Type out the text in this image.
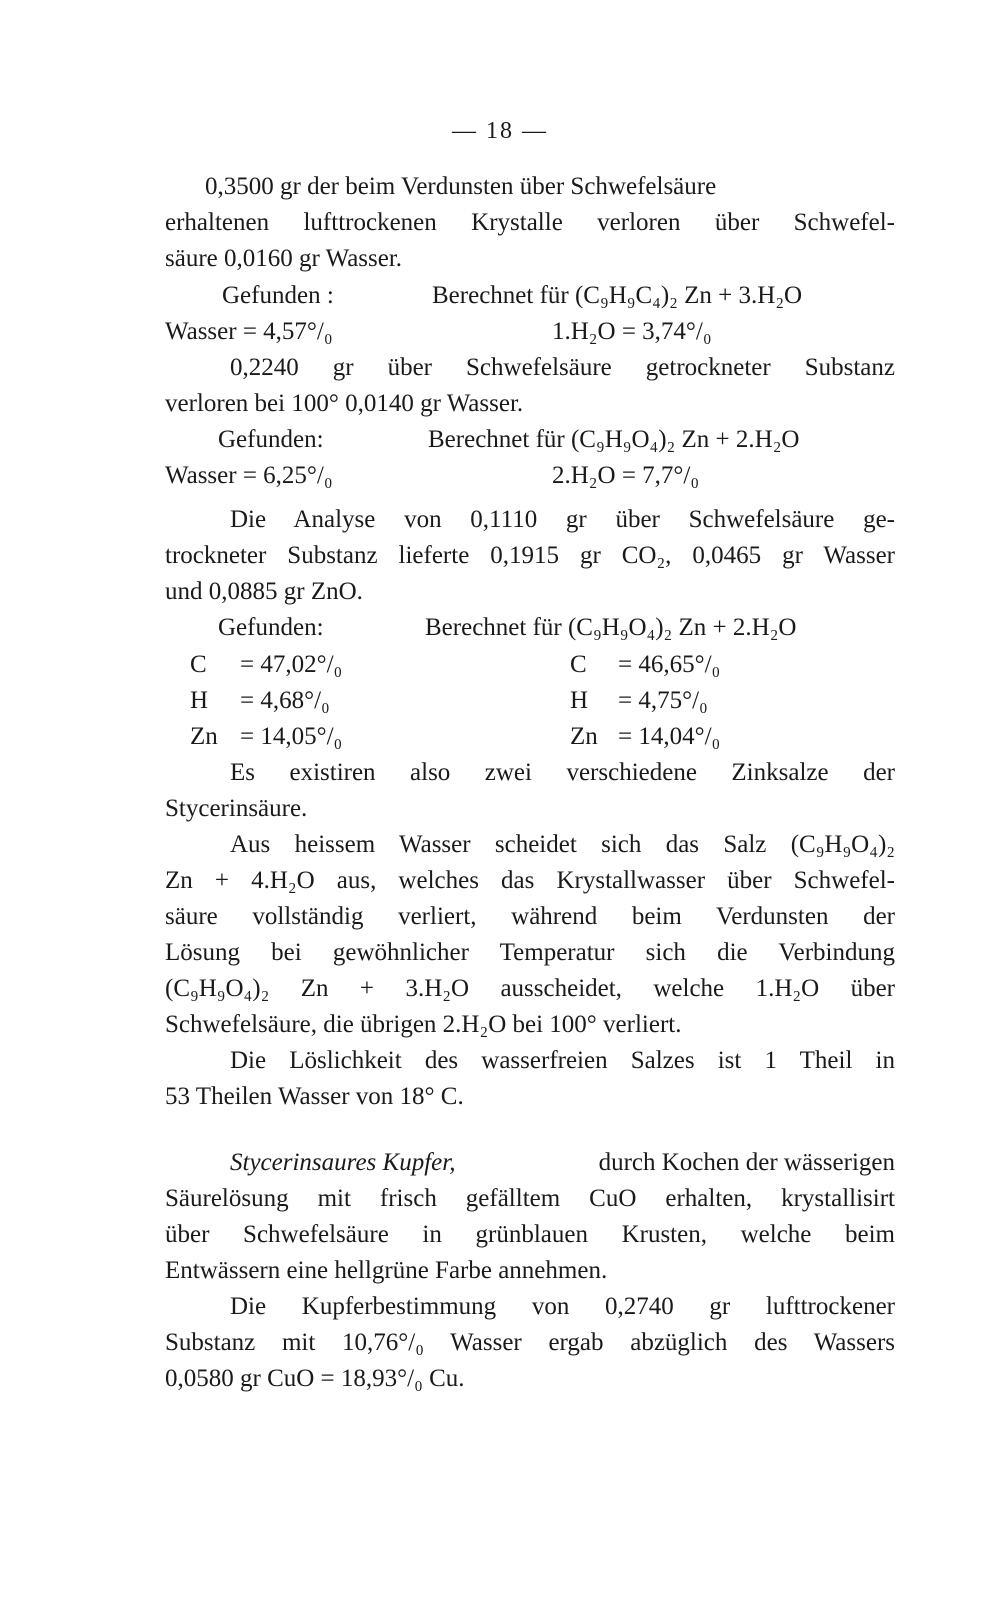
— 18 —
0,3500 gr der beim Verdunsten über Schwefelsäure
erhaltenen lufttrockenen Krystalle verloren über Schwefel-
säure 0,0160 gr Wasser.
Gefunden :	Berechnet für (C₉H₉C₄)₂ Zn + 3.H₂O
Wasser = 4,57°/₀	1.H₂O = 3,74°/₀
0,2240 gr über Schwefelsäure getrockneter Substanz
verloren bei 100° 0,0140 gr Wasser.
Gefunden:	Berechnet für (C₉H₉O₄)₂ Zn + 2.H₂O
Wasser = 6,25°/₀	2.H₂O = 7,7°/₀
Die Analyse von 0,1110 gr über Schwefelsäure ge-
trockneter Substanz lieferte 0,1915 gr CO₂, 0,0465 gr Wasser
und 0,0885 gr ZnO.
Gefunden:	Berechnet für (C₉H₉O₄)₂ Zn + 2.H₂O
C = 47,02°/₀	C = 46,65°/₀
H = 4,68°/₀	H = 4,75°/₀
Zn = 14,05°/₀	Zn = 14,04°/₀
Es existiren also zwei verschiedene Zinksalze der
Stycerinsäure.
Aus heissem Wasser scheidet sich das Salz (C₉H₉O₄)₂
Zn + 4.H₂O aus, welches das Krystallwasser über Schwefel-
säure vollständig verliert, während beim Verdunsten der
Lösung bei gewöhnlicher Temperatur sich die Verbindung
(C₉H₉O₄)₂ Zn + 3.H₂O ausscheidet, welche 1.H₂O über
Schwefelsäure, die übrigen 2.H₂O bei 100° verliert.
Die Löslichkeit des wasserfreien Salzes ist 1 Theil in
53 Theilen Wasser von 18° C.
Stycerinsaures Kupfer,	durch Kochen der wässerigen
Säurelösung mit frisch gefälltem CuO erhalten, krystallisirt
über Schwefelsäure in grünblauen Krusten, welche beim
Entwässern eine hellgrüne Farbe annehmen.
Die Kupferbestimmung von 0,2740 gr lufttrockener
Substanz mit 10,76°/₀ Wasser ergab abzüglich des Wassers
0,0580 gr CuO = 18,93°/₀ Cu.
